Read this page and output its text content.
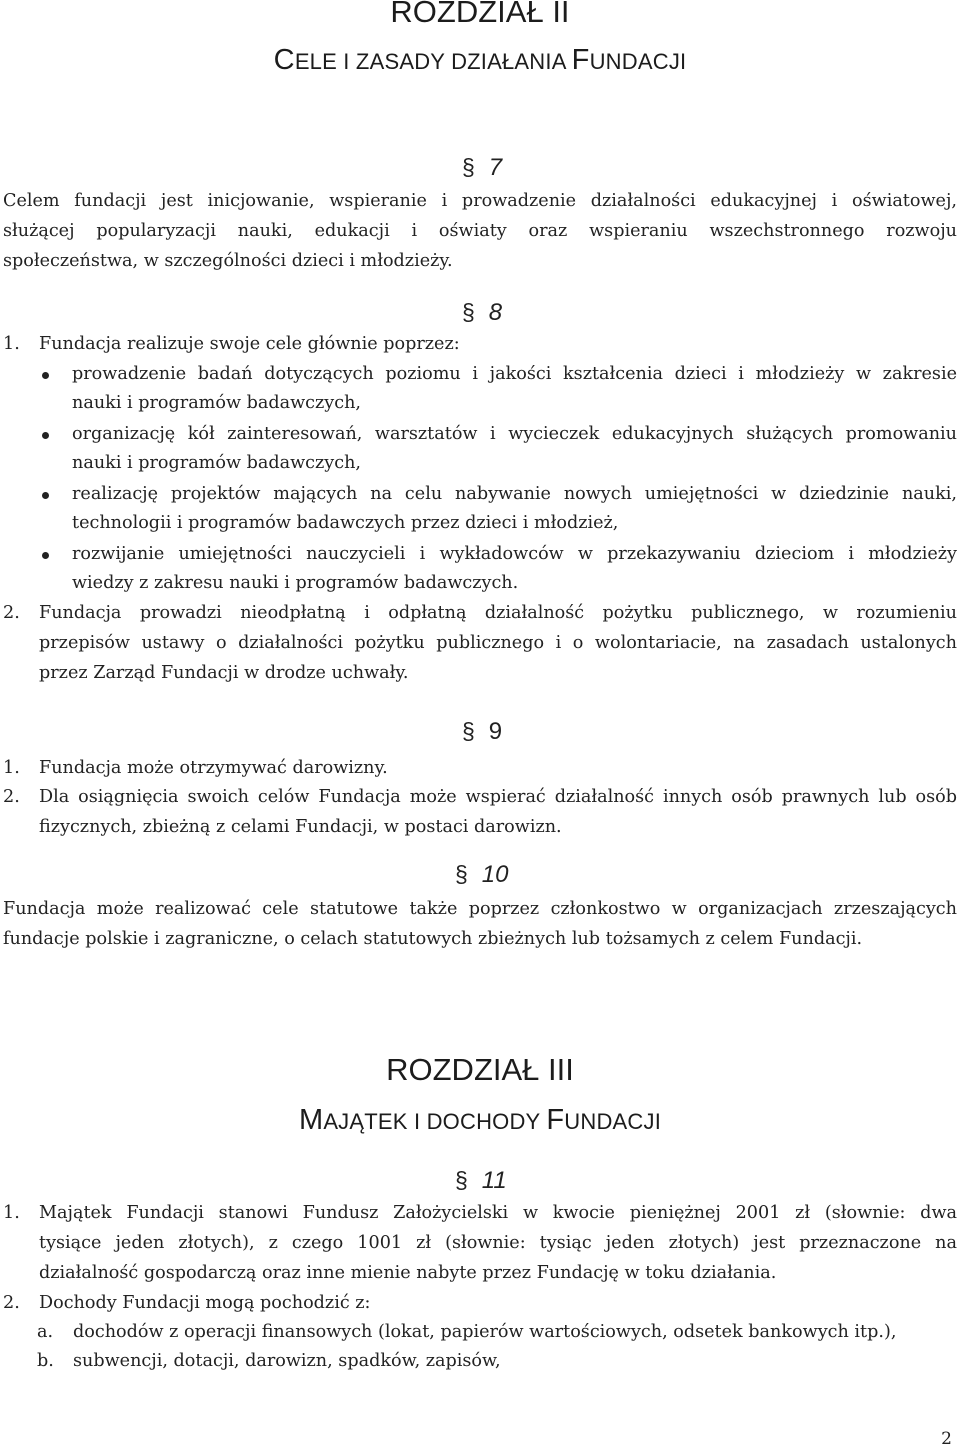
ROZDZIAŁ II
CELE I ZASADY DZIAŁANIA FUNDACJI
§ 7
Celem fundacji jest inicjowanie, wspieranie i prowadzenie działalności edukacyjnej i oświatowej,
służącej popularyzacji nauki, edukacji i oświaty oraz wspieraniu wszechstronnego rozwoju
społeczeństwa, w szczególności dzieci i młodzieży.
§ 8
1. Fundacja realizuje swoje cele głównie poprzez:
prowadzenie badań dotyczących poziomu i jakości kształcenia dzieci i młodzieży w zakresie
nauki i programów badawczych,
organizację kół zainteresowań, warsztatów i wycieczek edukacyjnych służących promowaniu
nauki i programów badawczych,
realizację projektów mających na celu nabywanie nowych umiejętności w dziedzinie nauki,
technologii i programów badawczych przez dzieci i młodzież,
rozwijanie umiejętności nauczycieli i wykładowców w przekazywaniu dzieciom i młodzieży
wiedzy z zakresu nauki i programów badawczych.
2. Fundacja prowadzi nieodpłatną i odpłatną działalność pożytku publicznego, w rozumieniu
przepisów ustawy o działalności pożytku publicznego i o wolontariacie, na zasadach ustalonych
przez Zarząd Fundacji w drodze uchwały.
§ 9
1. Fundacja może otrzymywać darowizny.
2. Dla osiągnięcia swoich celów Fundacja może wspierać działalność innych osób prawnych lub osób
fizycznych, zbieżną z celami Fundacji, w postaci darowizn.
§ 10
Fundacja może realizować cele statutowe także poprzez członkostwo w organizacjach zrzeszających
fundacje polskie i zagraniczne, o celach statutowych zbieżnych lub tożsamych z celem Fundacji.
ROZDZIAŁ III
MAJĄTEK I DOCHODY FUNDACJI
§ 11
1. Majątek Fundacji stanowi Fundusz Założycielski w kwocie pieniężnej 2001 zł (słownie: dwa
tysiące jeden złotych), z czego 1001 zł (słownie: tysiąc jeden złotych) jest przeznaczone na
działalność gospodarczą oraz inne mienie nabyte przez Fundację w toku działania.
2. Dochody Fundacji mogą pochodzić z:
a. dochodów z operacji finansowych (lokat, papierów wartościowych, odsetek bankowych itp.),
b. subwencji, dotacji, darowizn, spadków, zapisów,
2
